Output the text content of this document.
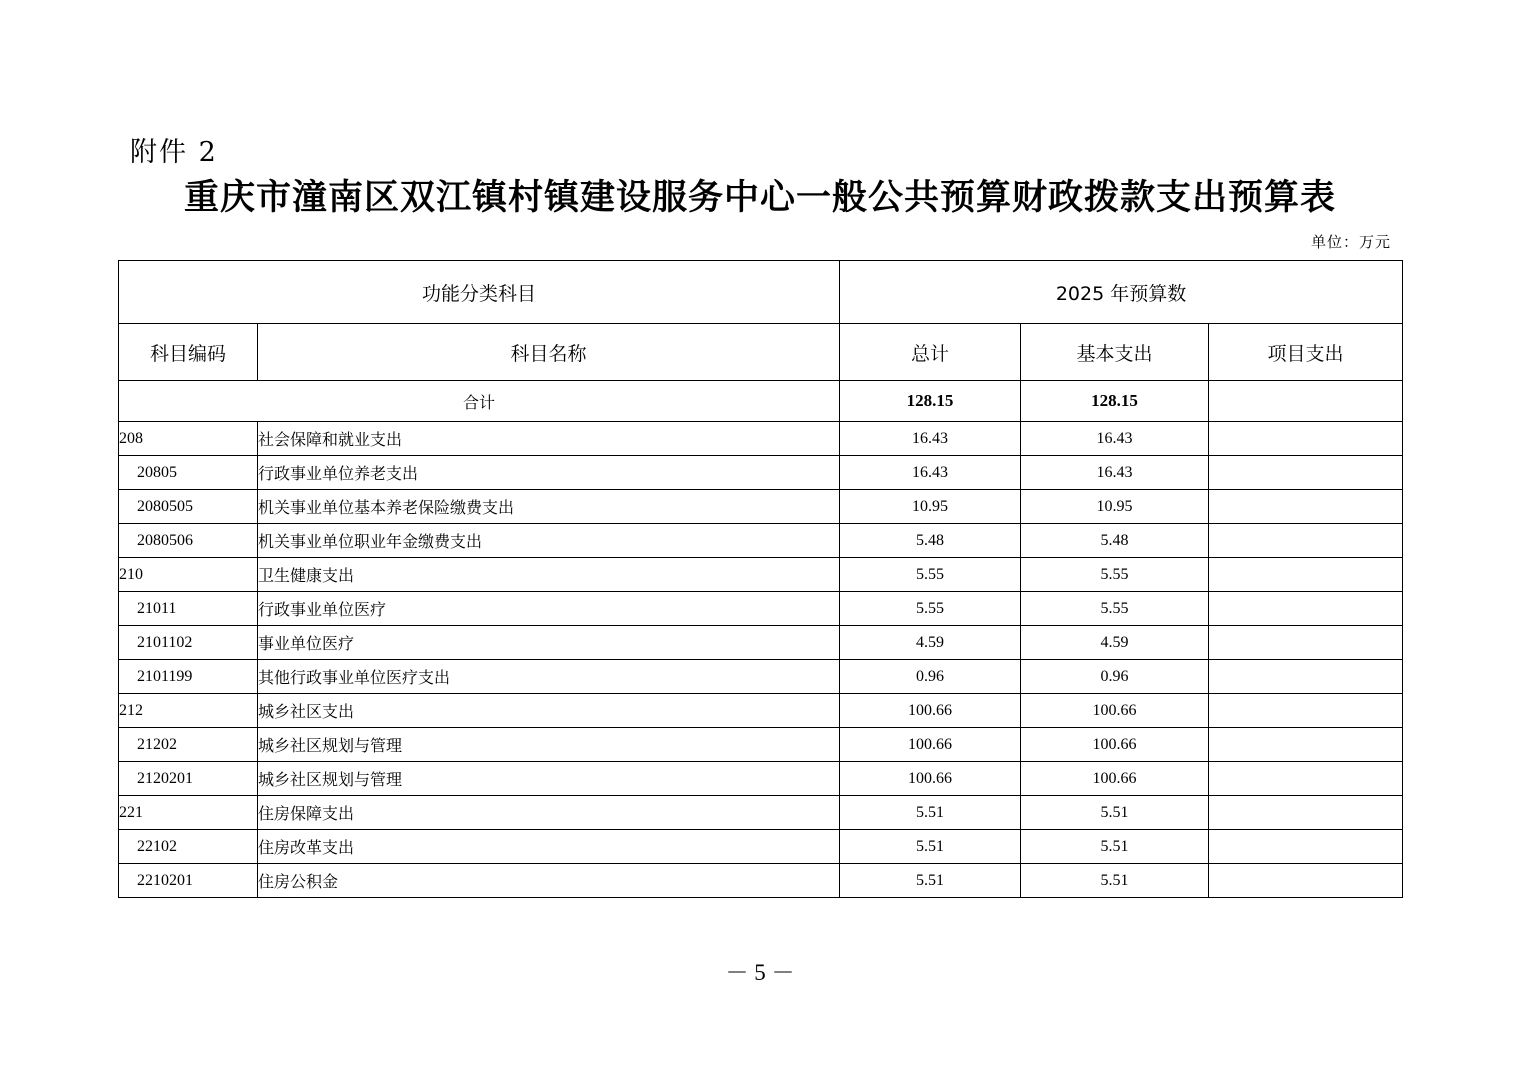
附件 2
重庆市潼南区双江镇村镇建设服务中心一般公共预算财政拨款支出预算表
单位：万元
功能分类科目		2025 年预算数		
科目编码	科目名称	总计	基本支出	项目支出
合计		128.15	128.15	
208	社会保障和就业支出	16.43	16.43	
20805	行政事业单位养老支出	16.43	16.43	
2080505	机关事业单位基本养老保险缴费支出	10.95	10.95	
2080506	机关事业单位职业年金缴费支出	5.48	5.48	
210	卫生健康支出	5.55	5.55	
21011	行政事业单位医疗	5.55	5.55	
2101102	事业单位医疗	4.59	4.59	
2101199	其他行政事业单位医疗支出	0.96	0.96	
212	城乡社区支出	100.66	100.66	
21202	城乡社区规划与管理	100.66	100.66	
2120201	城乡社区规划与管理	100.66	100.66	
221	住房保障支出	5.51	5.51	
22102	住房改革支出	5.51	5.51	
2210201	住房公积金	5.51	5.51	
－ 5 －
